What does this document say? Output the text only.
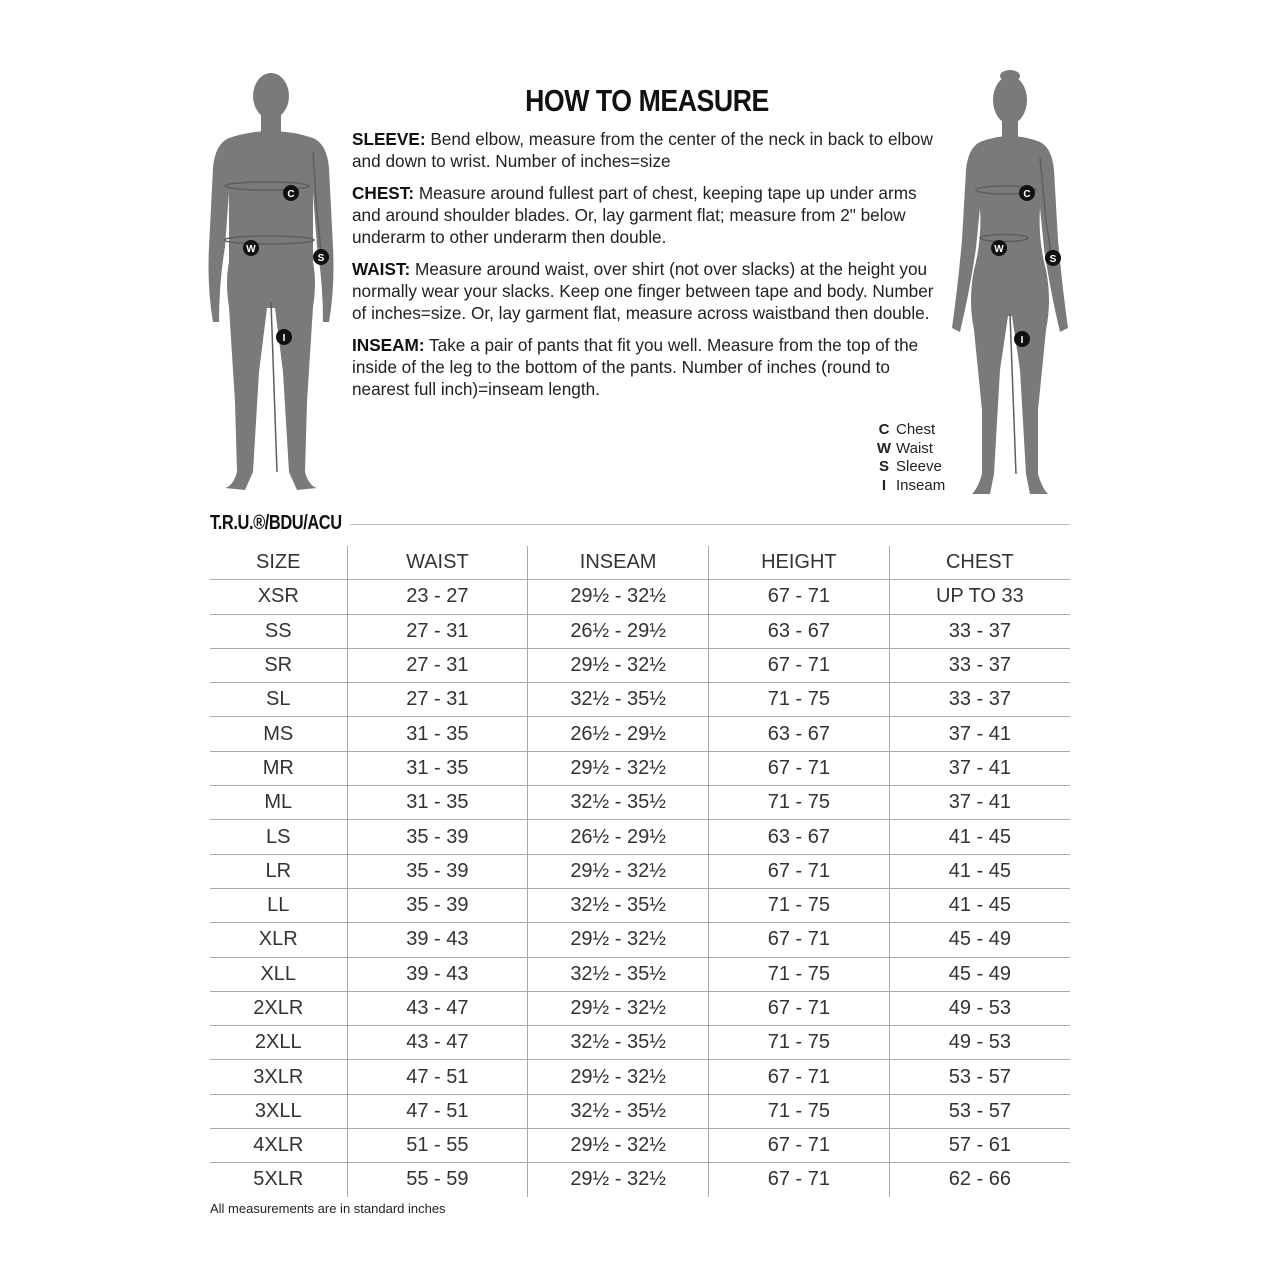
C
W
S
I
C
W
S
I
HOW TO MEASURE

SLEEVE: Bend elbow, measure from the center of the neck in back to elbow and down to wrist. Number of inches=size

CHEST: Measure around fullest part of chest, keeping tape up under arms and around shoulder blades. Or, lay garment flat; measure from 2" below underarm to other underarm then double.

WAIST: Measure around waist, over shirt (not over slacks) at the height you normally wear your slacks. Keep one finger between tape and body. Number of inches=size. Or, lay garment flat, measure across waistband then double.

INSEAM: Take a pair of pants that fit you well. Measure from the top of the inside of the leg to the bottom of the pants. Number of inches (round to nearest full inch)=inseam length.

C Chest
W Waist
S Sleeve
I Inseam
T.R.U.®/BDU/ACU
SIZE	WAIST	INSEAM	HEIGHT	CHEST
XSR	23 - 27	29½ - 32½	67 - 71	UP TO 33
SS	27 - 31	26½ - 29½	63 - 67	33 - 37
SR	27 - 31	29½ - 32½	67 - 71	33 - 37
SL	27 - 31	32½ - 35½	71 - 75	33 - 37
MS	31 - 35	26½ - 29½	63 - 67	37 - 41
MR	31 - 35	29½ - 32½	67 - 71	37 - 41
ML	31 - 35	32½ - 35½	71 - 75	37 - 41
LS	35 - 39	26½ - 29½	63 - 67	41 - 45
LR	35 - 39	29½ - 32½	67 - 71	41 - 45
LL	35 - 39	32½ - 35½	71 - 75	41 - 45
XLR	39 - 43	29½ - 32½	67 - 71	45 - 49
XLL	39 - 43	32½ - 35½	71 - 75	45 - 49
2XLR	43 - 47	29½ - 32½	67 - 71	49 - 53
2XLL	43 - 47	32½ - 35½	71 - 75	49 - 53
3XLR	47 - 51	29½ - 32½	67 - 71	53 - 57
3XLL	47 - 51	32½ - 35½	71 - 75	53 - 57
4XLR	51 - 55	29½ - 32½	67 - 71	57 - 61
5XLR	55 - 59	29½ - 32½	67 - 71	62 - 66
All measurements are in standard inches
